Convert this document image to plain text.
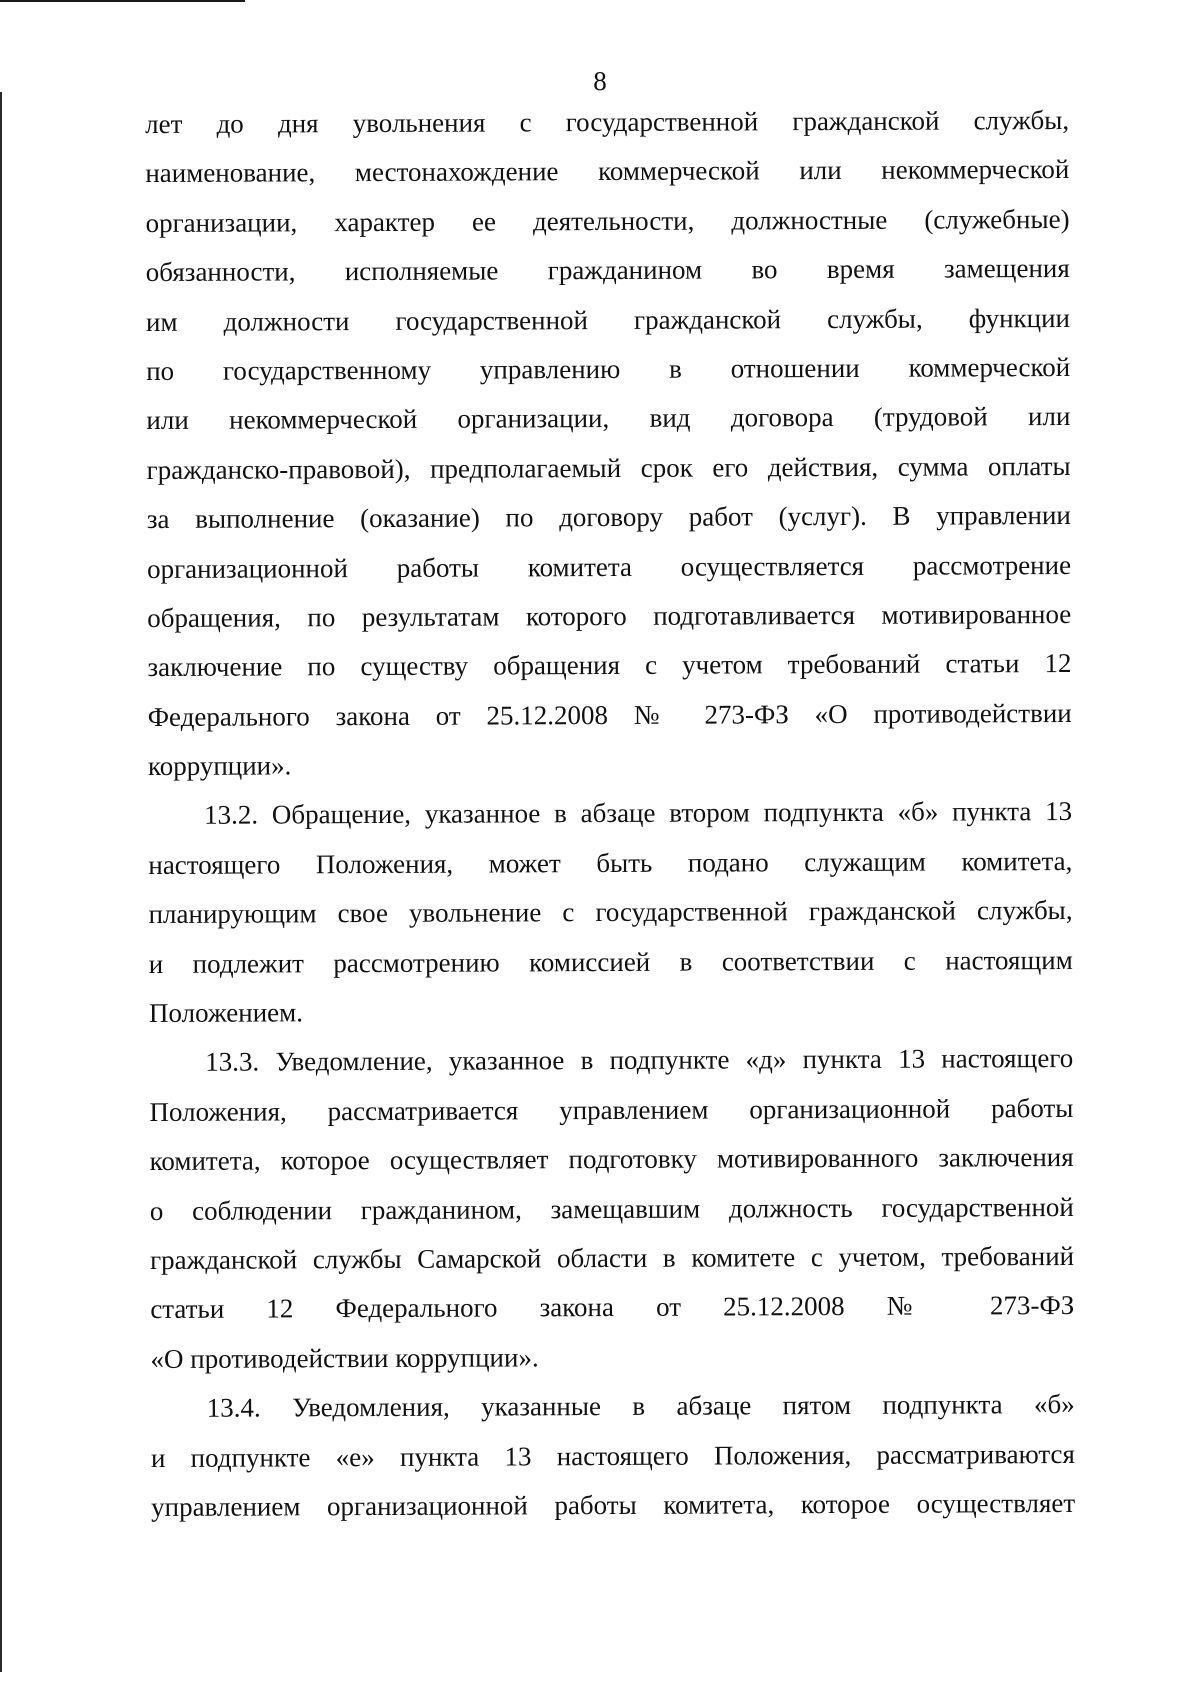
8
лет до дня увольнения с государственной гражданской службы,
наименование, местонахождение коммерческой или некоммерческой
организации, характер ее деятельности, должностные (служебные)
обязанности, исполняемые гражданином во время замещения
им должности государственной гражданской службы, функции
по государственному управлению в отношении коммерческой
или некоммерческой организации, вид договора (трудовой или
гражданско-правовой), предполагаемый срок его действия, сумма оплаты
за выполнение (оказание) по договору работ (услуг). В управлении
организационной работы комитета осуществляется рассмотрение
обращения, по результатам которого подготавливается мотивированное
заключение по существу обращения с учетом требований статьи 12
Федерального закона от 25.12.2008 № 273-ФЗ «О противодействии
коррупции».
13.2. Обращение, указанное в абзаце втором подпункта «б» пункта 13
настоящего Положения, может быть подано служащим комитета,
планирующим свое увольнение с государственной гражданской службы,
и подлежит рассмотрению комиссией в соответствии с настоящим
Положением.
13.3. Уведомление, указанное в подпункте «д» пункта 13 настоящего
Положения, рассматривается управлением организационной работы
комитета, которое осуществляет подготовку мотивированного заключения
о соблюдении гражданином, замещавшим должность государственной
гражданской службы Самарской области в комитете с учетом, требований
статьи 12 Федерального закона от 25.12.2008 № 273-ФЗ
«О противодействии коррупции».
13.4. Уведомления, указанные в абзаце пятом подпункта «б»
и подпункте «е» пункта 13 настоящего Положения, рассматриваются
управлением организационной работы комитета, которое осуществляет
